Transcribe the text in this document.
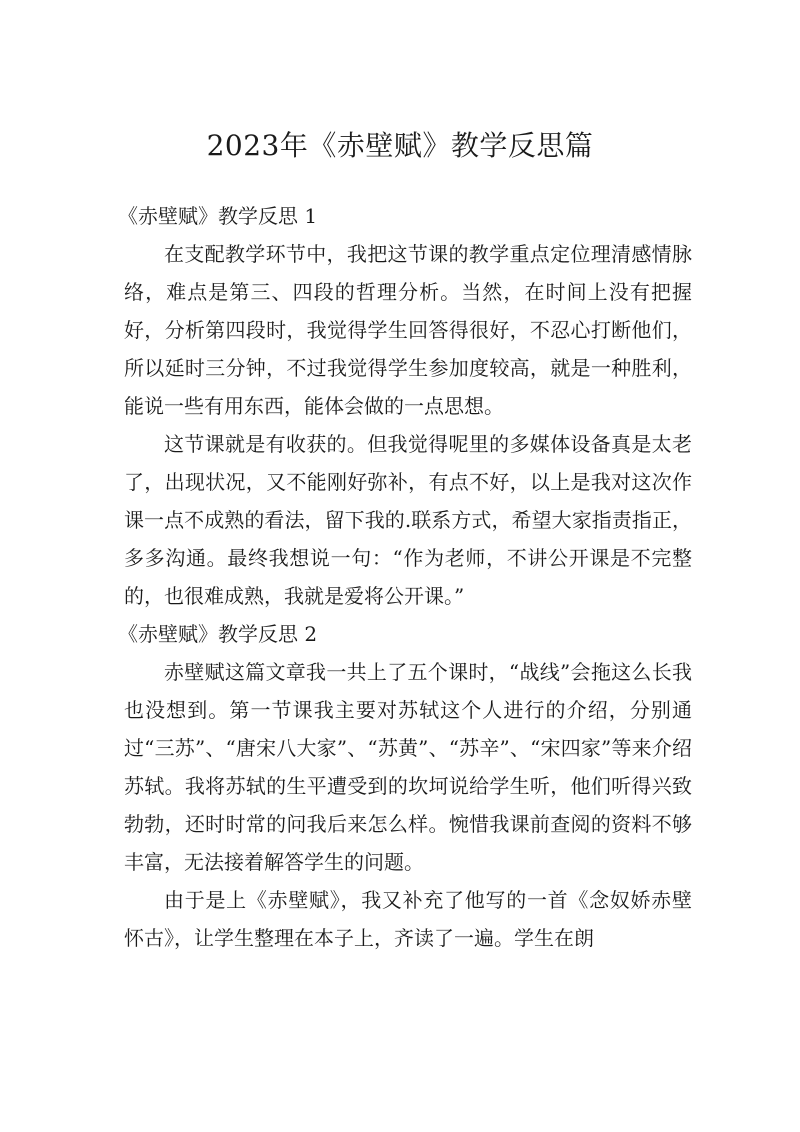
2023年《赤壁赋》教学反思篇
《赤壁赋》教学反思 1

在支配教学环节中，我把这节课的教学重点定位理清感情脉络，难点是第三、四段的哲理分析。当然，在时间上没有把握好，分析第四段时，我觉得学生回答得很好，不忍心打断他们，所以延时三分钟，不过我觉得学生参加度较高，就是一种胜利，能说一些有用东西，能体会做的一点思想。

这节课就是有收获的。但我觉得呢里的多媒体设备真是太老了，出现状况，又不能刚好弥补，有点不好，以上是我对这次作课一点不成熟的看法，留下我的.联系方式，希望大家指责指正，多多沟通。最终我想说一句：“作为老师，不讲公开课是不完整的，也很难成熟，我就是爱将公开课。”

《赤壁赋》教学反思 2

赤壁赋这篇文章我一共上了五个课时，“战线”会拖这么长我也没想到。第一节课我主要对苏轼这个人进行的介绍，分别通过“三苏”、“唐宋八大家”、“苏黄”、“苏辛”、“宋四家”等来介绍苏轼。我将苏轼的生平遭受到的坎坷说给学生听，他们听得兴致勃勃，还时时常的问我后来怎么样。惋惜我课前查阅的资料不够丰富，无法接着解答学生的问题。

由于是上《赤壁赋》，我又补充了他写的一首《念奴娇赤壁怀古》，让学生整理在本子上，齐读了一遍。学生在朗
